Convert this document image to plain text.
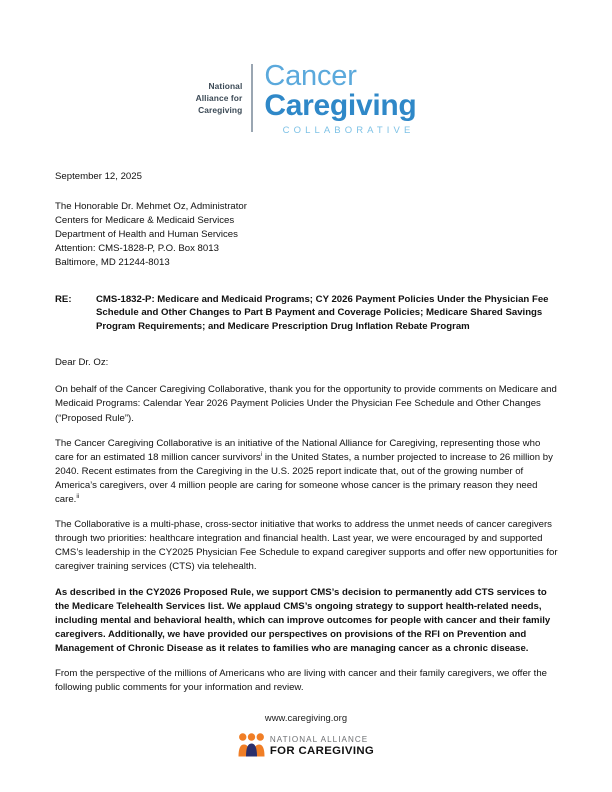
National
Alliance for
Caregiving
Cancer
Caregiving
COLLABORATIVE

September 12, 2025

The Honorable Dr. Mehmet Oz, Administrator

Centers for Medicare & Medicaid Services

Department of Health and Human Services

Attention: CMS-1828-P, P.O. Box 8013

Baltimore, MD 21244-8013

RE:	CMS-1832-P: Medicare and Medicaid Programs; CY 2026 Payment Policies Under the Physician Fee Schedule and Other Changes to Part B Payment and Coverage Policies; Medicare Shared Savings Program Requirements; and Medicare Prescription Drug Inflation Rebate Program

Dear Dr. Oz:

On behalf of the Cancer Caregiving Collaborative, thank you for the opportunity to provide comments on Medicare and Medicaid Programs: Calendar Year 2026 Payment Policies Under the Physician Fee Schedule and Other Changes (“Proposed Rule”).

The Cancer Caregiving Collaborative is an initiative of the National Alliance for Caregiving, representing those who care for an estimated 18 million cancer survivors$^i$ in the United States, a number projected to increase to 26 million by 2040. Recent estimates from the Caregiving in the U.S. 2025 report indicate that, out of the growing number of America’s caregivers, over 4 million people are caring for someone whose cancer is the primary reason they need care.$^{ii}$

The Collaborative is a multi-phase, cross-sector initiative that works to address the unmet needs of cancer caregivers through two priorities: healthcare integration and financial health. Last year, we were encouraged by and supported CMS’s leadership in the CY2025 Physician Fee Schedule to expand caregiver supports and offer new opportunities for caregiver training services (CTS) via telehealth.

As described in the CY2026 Proposed Rule, we support CMS’s decision to permanently add CTS services to the Medicare Telehealth Services list. We applaud CMS’s ongoing strategy to support health-related needs, including mental and behavioral health, which can improve outcomes for people with cancer and their family caregivers. Additionally, we have provided our perspectives on provisions of the RFI on Prevention and Management of Chronic Disease as it relates to families who are managing cancer as a chronic disease.

From the perspective of the millions of Americans who are living with cancer and their family caregivers, we offer the following public comments for your information and review.

www.caregiving.org
NATIONAL ALLIANCE
FOR CAREGIVING
